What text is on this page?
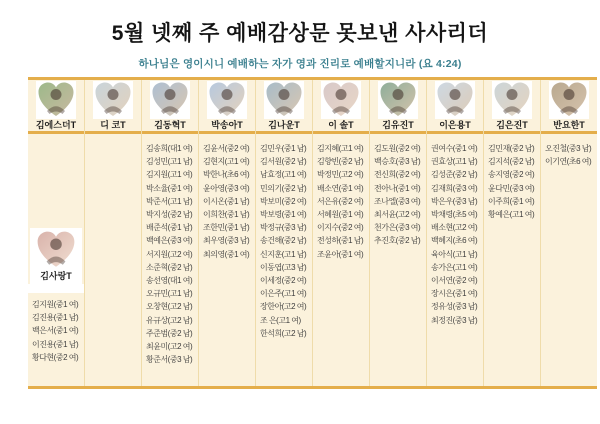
5월 넷째 주 예배감상문 못보낸 사사리더
하나님은 영이시니 예배하는 자가 영과 진리로 예배할지니라 (요 4:24)
김에스더T
김사랑T
김지원(중1 여)
김진용(중1 남)
백은서(중1 여)
이진용(중1 남)
황다현(중2 여)
디 코T	김동혁T
김송희(대1 여)
김성민(고1 남)
김지원(고1 여)
박소율(중1 여)
박준서(고1 남)
박지성(중2 남)
배준석(중1 남)
백예은(중3 여)
서지원(고2 여)
소준혁(중2 남)
송선영(대1 여)
오규민(고1 남)
오창현(고2 남)
유규상(고2 남)
주준범(중2 남)
최윤미(고2 여)
황준서(중3 남)
박송아T
김윤서(중2 여)
김현지(고1 여)
박한나(초6 여)
윤아영(중3 여)
이시온(중1 남)
이희찬(중1 남)
조한민(중1 남)
최우영(중3 남)
최의영(중1 여)
김나운T
김민우(중1 남)
김서원(중2 남)
남효정(고1 여)
민의기(중2 남)
박보미(중2 여)
박보령(중1 여)
박정규(중3 남)
송건해(중2 남)
신지훈(고1 남)
이동엽(고3 남)
이세정(중2 여)
이은주(고1 여)
장한아(고2 여)
조 은(고1 여)
한석희(고2 남)
이 솔T
김지혜(고1 여)
김향빈(중2 남)
박정민(고2 여)
배소연(중1 여)
서은유(중2 여)
서혜원(중1 여)
이지수(중2 여)
전성하(중1 남)
조윤아(중1 여)
김유진T
김도원(중2 여)
백승호(중3 남)
전신희(중2 여)
전아나(중1 여)
조나엘(중3 여)
최서윤(고2 여)
천가은(중3 여)
추진호(중2 남)
이은용T
권여수(중1 여)
권효상(고1 남)
김성준(중2 남)
김재희(중3 여)
박은우(중3 남)
박채령(초5 여)
배소현(고2 여)
백혜지(초6 여)
육아식(고1 남)
송가은(고1 여)
이서연(중2 여)
장시은(중1 여)
정유성(중3 남)
최정진(중3 남)
김은진T
김민재(중2 남)
김지석(중2 남)
송지영(중2 여)
윤다민(중3 여)
이주희(중1 여)
황예은(고1 여)
반요한T
오진철(중3 남)
이기연(초6 여)
